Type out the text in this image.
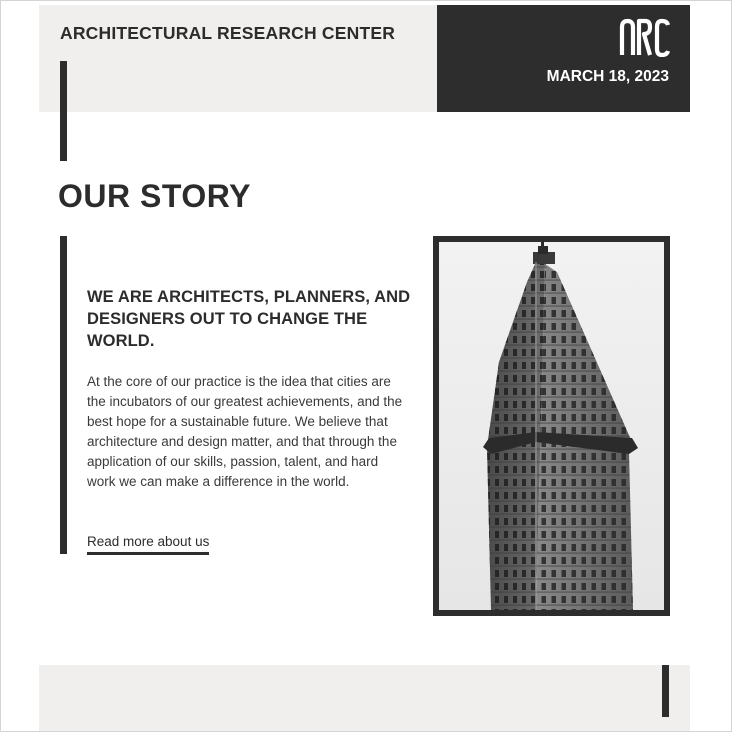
ARCHITECTURAL RESEARCH CENTER
MARCH 18, 2023
OUR STORY
WE ARE ARCHITECTS, PLANNERS, AND DESIGNERS OUT TO CHANGE THE WORLD.
At the core of our practice is the idea that cities are the incubators of our greatest achievements, and the best hope for a sustainable future. We believe that architecture and design matter, and that through the application of our skills, passion, talent, and hard work we can make a difference in the world.
Read more about us
